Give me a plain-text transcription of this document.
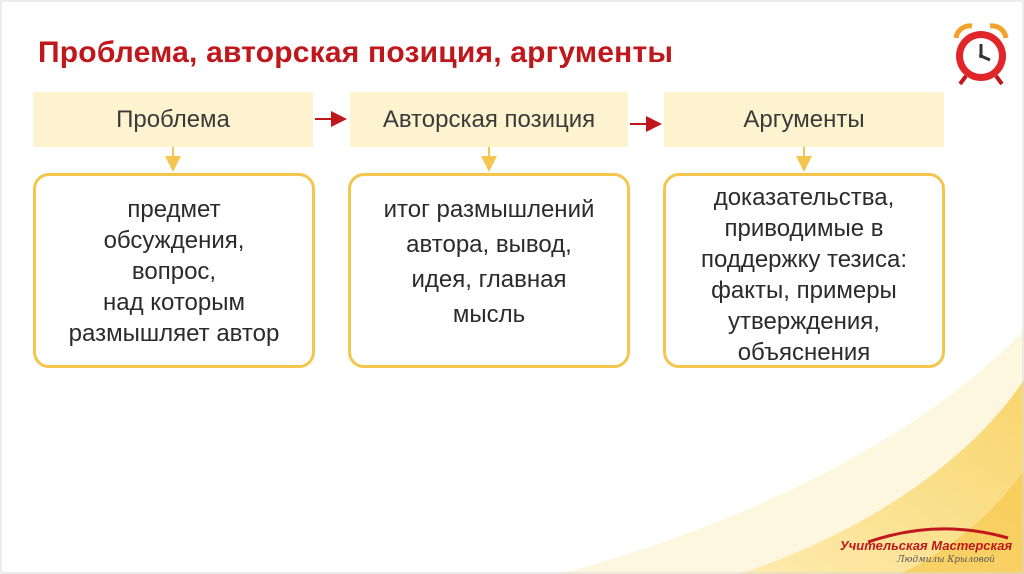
Проблема, авторская позиция, аргументы
Проблема	Авторская позиция	Аргументы
предмет
обсуждения,
вопрос,
над которым
размышляет автор
итог размышлений
автора, вывод,
идея, главная
мысль
доказательства,
приводимые в
поддержку тезиса:
факты, примеры
утверждения,
объяснения
Учительская Мастерская
Людмилы Крыловой
